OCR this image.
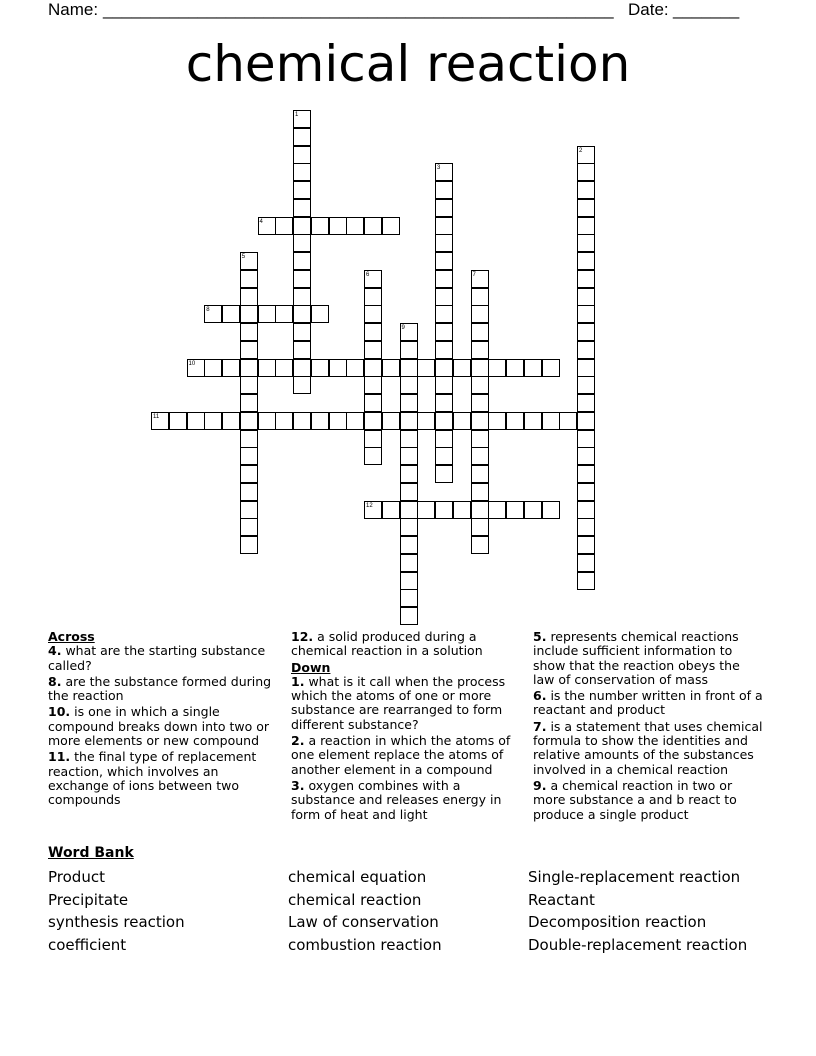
Name: ______________________________________________________ Date: _______
chemical reaction
1
2
3
4
5
6	7
8
9
10
11
12
Across
4. what are the starting substance called?
8. are the substance formed during the reaction
10. is one in which a single compound breaks down into two or more elements or new compound
11. the final type of replacement reaction, which involves an exchange of ions between two compounds
12. a solid produced during a chemical reaction in a solution
Down
1. what is it call when the process which the atoms of one or more substance are rearranged to form different substance?
2. a reaction in which the atoms of one element replace the atoms of another element in a compound
3. oxygen combines with a substance and releases energy in form of heat and light
5. represents chemical reactions include sufficient information to show that the reaction obeys the law of conservation of mass
6. is the number written in front of a reactant and product
7. is a statement that uses chemical formula to show the identities and relative amounts of the substances involved in a chemical reaction
9. a chemical reaction in two or more substance a and b react to produce a single product
Word Bank
Product
Precipitate
synthesis reaction
coefficient
chemical equation
chemical reaction
Law of conservation
combustion reaction
Single-replacement reaction
Reactant
Decomposition reaction
Double-replacement reaction
